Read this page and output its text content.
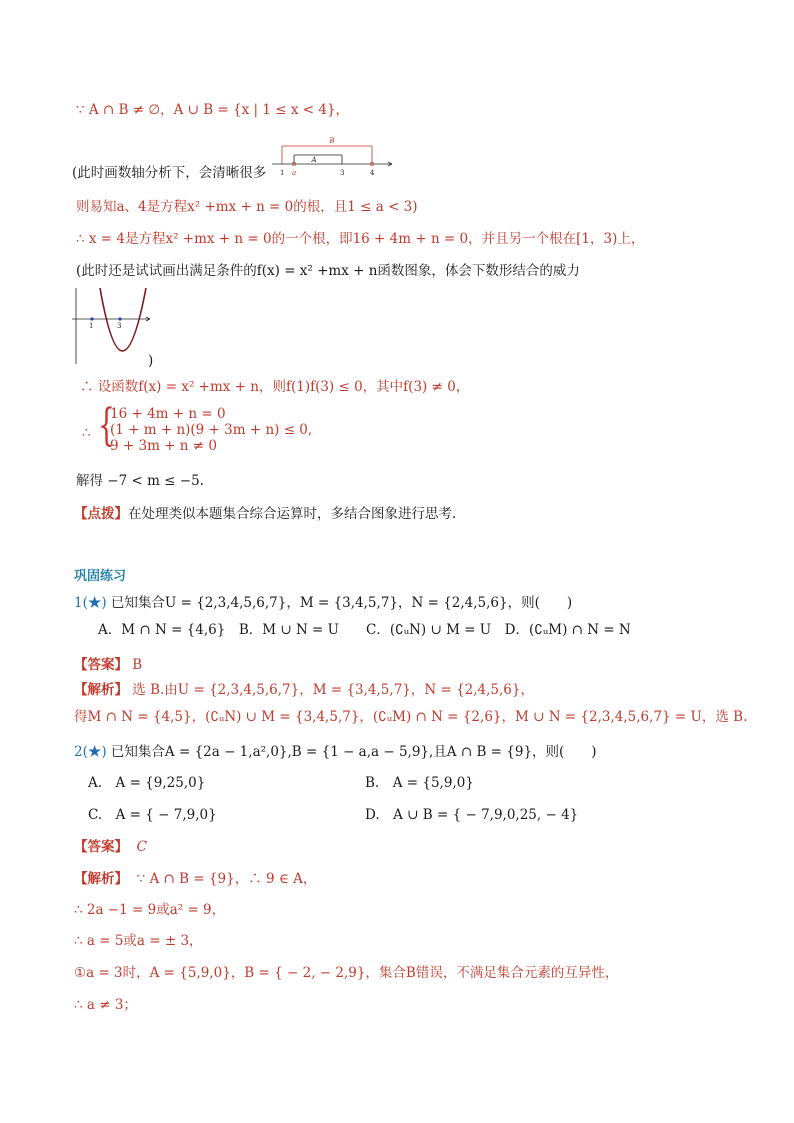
∵ A ∩ B ≠ ∅，A ∪ B = {x | 1 ≤ x < 4}，
(此时画数轴分析下，会清晰很多
B
A
1 a	3	4
则易知a、4是方程x² +mx + n = 0的根，且1 ≤ a < 3)
∴ x = 4是方程x² +mx + n = 0的一个根，即16 + 4m + n = 0，并且另一个根在[1，3)上，
(此时还是试试画出满足条件的f(x) = x² +mx + n函数图象，体会下数形结合的威力
1	3
)
∴ 设函数f(x) = x² +mx + n，则f(1)f(3) ≤ 0，其中f(3) ≠ 0，
∴ {
16 + 4m + n = 0
(1 + m + n)(9 + 3m + n) ≤ 0,
9 + 3m + n ≠ 0
解得 −7 < m ≤ −5.
【点拨】在处理类似本题集合综合运算时，多结合图象进行思考.
巩固练习
1(★) 已知集合U = {2,3,4,5,6,7}，M = {3,4,5,7}，N = {2,4,5,6}，则(　　)
A．M ∩ N = {4,6}　B．M ∪ N = U　　C．(∁ᵤN) ∪ M = U　D．(∁ᵤM) ∩ N = N
【答案】 B
【解析】 选 B.由U = {2,3,4,5,6,7}，M = {3,4,5,7}，N = {2,4,5,6}，
得M ∩ N = {4,5}，(∁ᵤN) ∪ M = {3,4,5,7}，(∁ᵤM) ∩ N = {2,6}，M ∪ N = {2,3,4,5,6,7} = U，选 B.
2(★) 已知集合A = {2a − 1,a²,0},B = {1 − a,a − 5,9},且A ∩ B = {9}，则(　　)
A.　A = {9,25,0}	B.　A = {5,9,0}
C.　A = { − 7,9,0}	D.　A ∪ B = { − 7,9,0,25, − 4}
【答案】 C
【解析】 ∵ A ∩ B = {9}，∴ 9 ∈ A，
∴ 2a −1 = 9或a² = 9，
∴ a = 5或a = ± 3，
①a = 3时，A = {5,9,0}，B = { − 2, − 2,9}，集合B错误，不满足集合元素的互异性，
∴ a ≠ 3；
